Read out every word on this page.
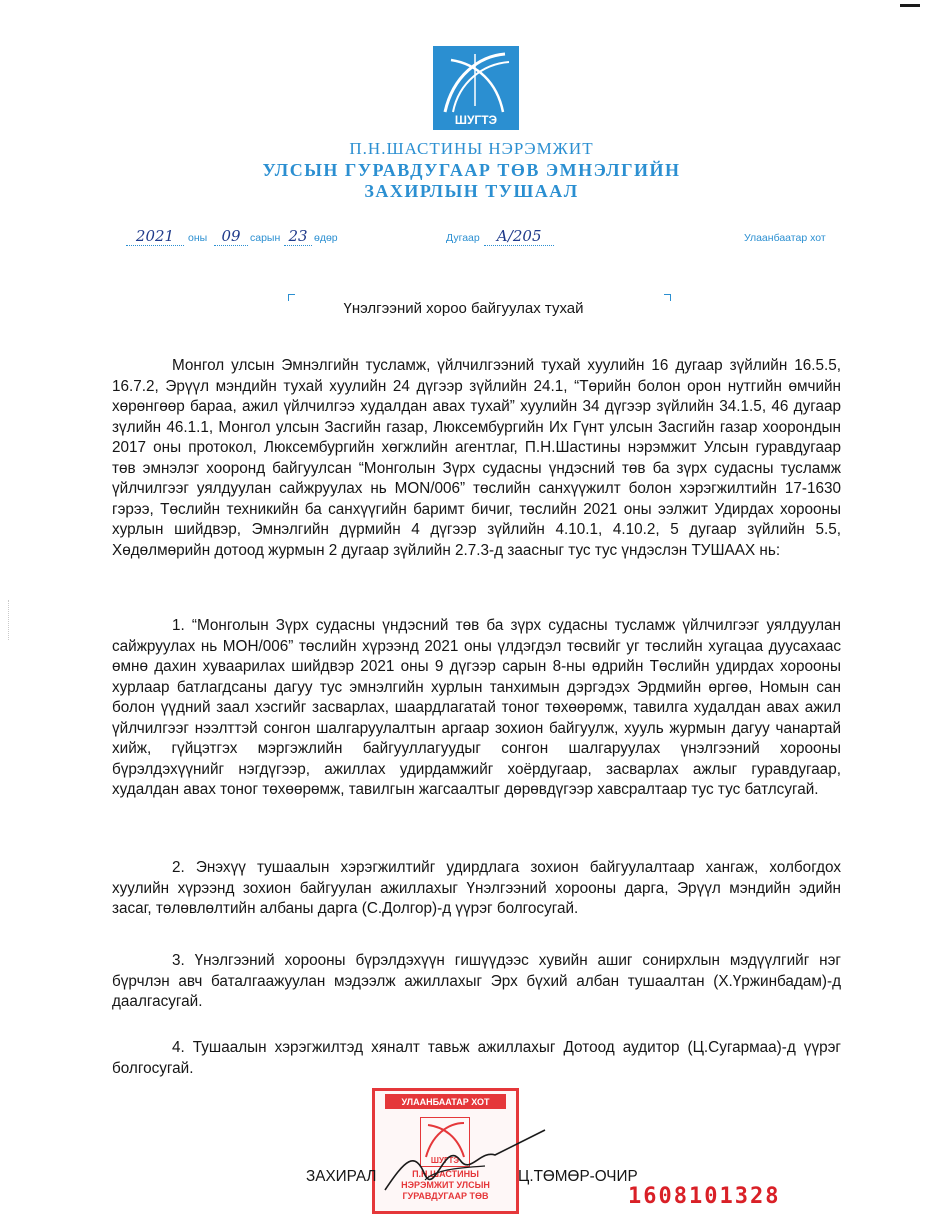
ШУГТЭ
П.Н.ШАСТИНЫ НЭРЭМЖИТ
УЛСЫН ГУРАВДУГААР ТӨВ ЭМНЭЛГИЙН
ЗАХИРЛЫН ТУШААЛ
2021	оны 09 сарын 23 өдөр	Дугаар	А/205	Улаанбаатар хот
Үнэлгээний хороо байгуулах тухай

Монгол улсын Эмнэлгийн тусламж, үйлчилгээний тухай хуулийн 16 дугаар зүйлийн 16.5.5, 16.7.2, Эрүүл мэндийн тухай хуулийн 24 дүгээр зүйлийн 24.1, “Төрийн болон орон нутгийн өмчийн хөрөнгөөр бараа, ажил үйлчилгээ худалдан авах тухай” хуулийн 34 дүгээр зүйлийн 34.1.5, 46 дугаар зүлийн 46.1.1, Монгол улсын Засгийн газар, Люксембургийн Их Гүнт улсын Засгийн газар хоорондын 2017 оны протокол, Люксембургийн хөгжлийн агентлаг, П.Н.Шастины нэрэмжит Улсын гуравдугаар төв эмнэлэг хооронд байгуулсан “Монголын Зүрх судасны үндэсний төв ба зүрх судасны тусламж үйлчилгээг уялдуулан сайжруулах нь MON/006” төслийн санхүүжилт болон хэрэгжилтийн 17-1630 гэрээ, Төслийн техникийн ба санхүүгийн баримт бичиг, төслийн 2021 оны ээлжит Удирдах хорооны хурлын шийдвэр, Эмнэлгийн дүрмийн 4 дүгээр зүйлийн 4.10.1, 4.10.2, 5 дугаар зүйлийн 5.5, Хөдөлмөрийн дотоод журмын 2 дугаар зүйлийн 2.7.3-д заасныг тус тус үндэслэн ТУШААХ нь:

1. “Монголын Зүрх судасны үндэсний төв ба зүрх судасны тусламж үйлчилгээг уялдуулан сайжруулах нь МОН/006” төслийн хүрээнд 2021 оны үлдэгдэл төсвийг уг төслийн хугацаа дуусахаас өмнө дахин хуваарилах шийдвэр 2021 оны 9 дүгээр сарын 8-ны өдрийн Төслийн удирдах хорооны хурлаар батлагдсаны дагуу тус эмнэлгийн хурлын танхимын дэргэдэх Эрдмийн өргөө, Номын сан болон үүдний заал хэсгийг засварлах, шаардлагатай тоног төхөөрөмж, тавилга худалдан авах ажил үйлчилгээг нээлттэй сонгон шалгаруулалтын аргаар зохион байгуулж, хууль журмын дагуу чанартай хийж, гүйцэтгэх мэргэжлийн байгууллагуудыг сонгон шалгаруулах үнэлгээний хорооны бүрэлдэхүүнийг нэгдүгээр, ажиллах удирдамжийг хоёрдугаар, засварлах ажлыг гуравдугаар, худалдан авах тоног төхөөрөмж, тавилгын жагсаалтыг дөрөвдүгээр хавсралтаар тус тус батлсугай.

2. Энэхүү тушаалын хэрэгжилтийг удирдлага зохион байгуулалтаар хангаж, холбогдох хуулийн хүрээнд зохион байгуулан ажиллахыг Үнэлгээний хорооны дарга, Эрүүл мэндийн эдийн засаг, төлөвлөлтийн албаны дарга (С.Долгор)-д үүрэг болгосугай.

3. Үнэлгээний хорооны бүрэлдэхүүн гишүүдээс хувийн ашиг сонирхлын мэдүүлгийг нэг бүрчлэн авч баталгаажуулан мэдээлж ажиллахыг Эрх бүхий албан тушаалтан (Х.Үржинбадам)-д даалгасугай.

4. Тушаалын хэрэгжилтэд хяналт тавьж ажиллахыг Дотоод аудитор (Ц.Сугармаа)-д үүрэг болгосугай.

УЛААНБААТАР ХОТ
ШУГТЭ
П.Н.ШАСТИНЫ
НЭРЭМЖИТ УЛСЫН
ГУРАВДУГААР ТӨВ
ЗАХИРАЛ	Ц.ТӨМӨР-ОЧИР
1608101328
